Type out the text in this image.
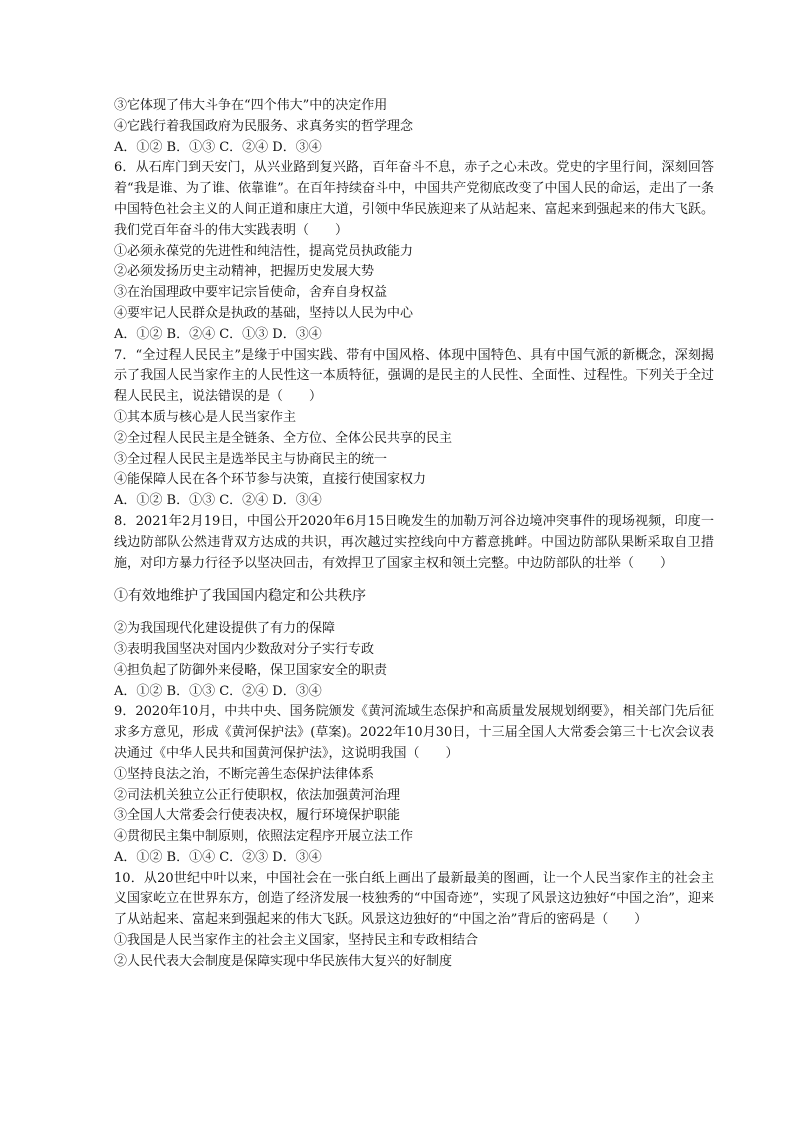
③它体现了伟大斗争在“四个伟大”中的决定作用
④它践行着我国政府为民服务、求真务实的哲学理念
A．①② B．①③ C．②④ D．③④
6．从石库门到天安门，从兴业路到复兴路，百年奋斗不息，赤子之心未改。党史的字里行间，深刻回答着“我是谁、为了谁、依靠谁”。在百年持续奋斗中，中国共产党彻底改变了中国人民的命运，走出了一条中国特色社会主义的人间正道和康庄大道，引领中华民族迎来了从站起来、富起来到强起来的伟大飞跃。我们党百年奋斗的伟大实践表明（　　）
①必须永葆党的先进性和纯洁性，提高党员执政能力
②必须发扬历史主动精神，把握历史发展大势
③在治国理政中要牢记宗旨使命，舍弃自身权益
④要牢记人民群众是执政的基础，坚持以人民为中心
A．①② B．②④ C．①③ D．③④
7．“全过程人民民主”是缘于中国实践、带有中国风格、体现中国特色、具有中国气派的新概念，深刻揭示了我国人民当家作主的人民性这一本质特征，强调的是民主的人民性、全面性、过程性。下列关于全过程人民民主，说法错误的是（　　）
①其本质与核心是人民当家作主
②全过程人民民主是全链条、全方位、全体公民共享的民主
③全过程人民民主是选举民主与协商民主的统一
④能保障人民在各个环节参与决策，直接行使国家权力
A．①② B．①③ C．②④ D．③④
8．2021年2月19日，中国公开2020年6月15日晚发生的加勒万河谷边境冲突事件的现场视频，印度一线边防部队公然违背双方达成的共识，再次越过实控线向中方蓄意挑衅。中国边防部队果断采取自卫措施，对印方暴力行径予以坚决回击，有效捍卫了国家主权和领土完整。中边防部队的壮举（　　）
①有效地维护了我国国内稳定和公共秩序
②为我国现代化建设提供了有力的保障
③表明我国坚决对国内少数敌对分子实行专政
④担负起了防御外来侵略，保卫国家安全的职责
A．①② B．①③ C．②④ D．③④
9．2020年10月，中共中央、国务院颁发《黄河流域生态保护和高质量发展规划纲要》，相关部门先后征求多方意见，形成《黄河保护法》(草案)。2022年10月30日，十三届全国人大常委会第三十七次会议表决通过《中华人民共和国黄河保护法》，这说明我国（　　）
①坚持良法之治，不断完善生态保护法律体系
②司法机关独立公正行使职权，依法加强黄河治理
③全国人大常委会行使表决权，履行环境保护职能
④贯彻民主集中制原则，依照法定程序开展立法工作
A．①② B．①④ C．②③ D．③④
10．从20世纪中叶以来，中国社会在一张白纸上画出了最新最美的图画，让一个人民当家作主的社会主义国家屹立在世界东方，创造了经济发展一枝独秀的“中国奇迹”，实现了风景这边独好“中国之治”，迎来了从站起来、富起来到强起来的伟大飞跃。风景这边独好的“中国之治”背后的密码是（　　）
①我国是人民当家作主的社会主义国家，坚持民主和专政相结合
②人民代表大会制度是保障实现中华民族伟大复兴的好制度
